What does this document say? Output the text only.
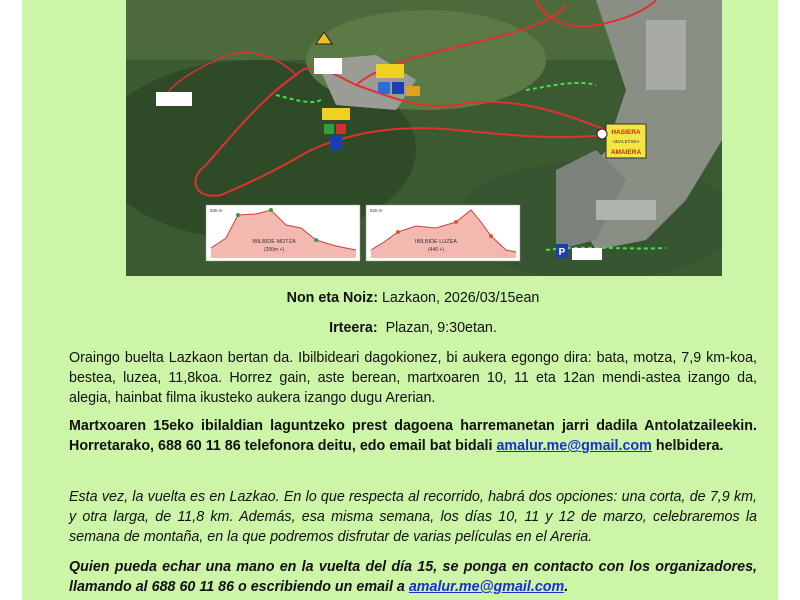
HASIERA
UDALETXEA
AMAIERA
P
530 m
IBILBIDE MOTZA
(250m +)
620 m
IBILBIDE LUZEA
(440 +)

Non eta Noiz: Lazkaon, 2026/03/15ean

Irteera:  Plazan, 9:30etan.

Oraingo buelta Lazkaon bertan da. Ibilbideari dagokionez, bi aukera egongo dira: bata, motza, 7,9 km-koa, bestea, luzea, 11,8koa. Horrez gain, aste berean, martxoaren 10, 11 eta 12an mendi-astea izango da, alegia, hainbat filma ikusteko aukera izango dugu Arerian.

Martxoaren 15eko ibilaldian laguntzeko prest dagoena harremanetan jarri dadila Antolatzaileekin. Horretarako, 688 60 11 86 telefonora deitu, edo email bat bidali amalur.me@gmail.com helbidera.

Esta vez, la vuelta es en Lazkao. En lo que respecta al recorrido, habrá dos opciones: una corta, de 7,9 km, y otra larga, de 11,8 km. Además, esa misma semana, los días 10, 11 y 12 de marzo, celebraremos la semana de montaña, en la que podremos disfrutar de varias películas en el Areria.

Quien pueda echar una mano en la vuelta del día 15, se ponga en contacto con los organizadores, llamando al 688 60 11 86 o escribiendo un email a amalur.me@gmail.com.
